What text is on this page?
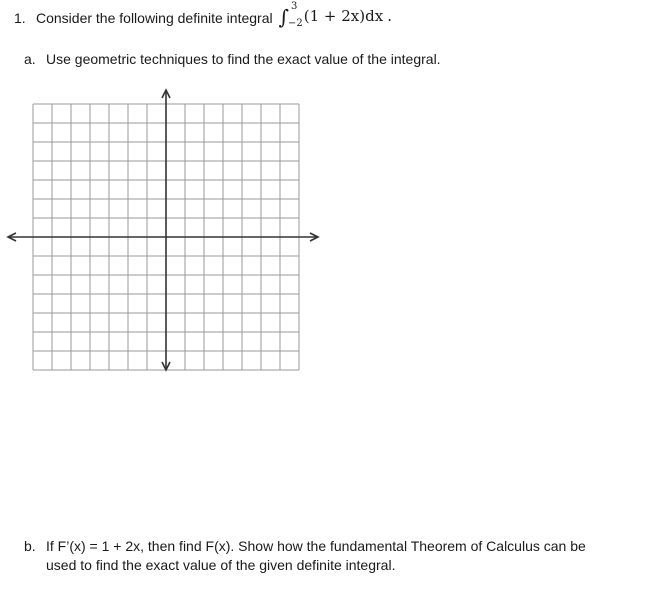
1. Consider the following definite integral ∫ 3
−2 (1 + 2x)dx .
a. Use geometric techniques to find the exact value of the integral.
b. If F’(x) = 1 + 2x, then find F(x). Show how the fundamental Theorem of Calculus can be
used to find the exact value of the given definite integral.
